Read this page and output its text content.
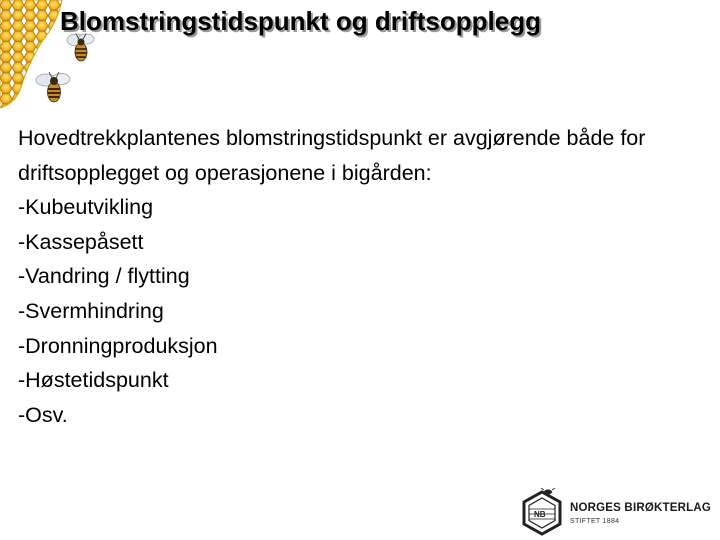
Blomstringstidspunkt og driftsopplegg

Hovedtrekkplantenes blomstringstidspunkt er avgjørende både for driftsopplegget og operasjonene i bigården:

-Kubeutvikling
-Kassepåsett
-Vandring / flytting
-Svermhindring
-Dronningproduksjon
-Høstetidspunkt
-Osv.
NB
NORGES BIRØKTERLAG
STIFTET 1884
